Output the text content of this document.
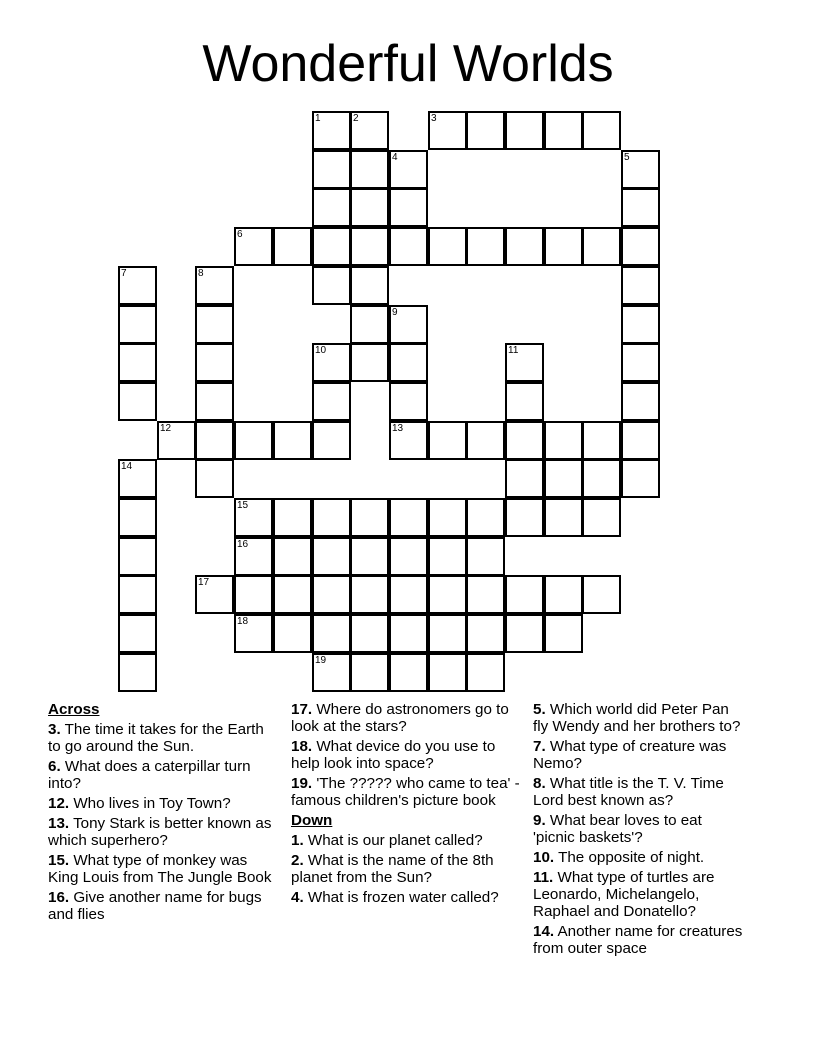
Wonderful Worlds
1	2	3
4	5
6
7	8
9
10	11
12	13
14
15
16
17
18
19
Across
3. The time it takes for the Earth to go around the Sun.
6. What does a caterpillar turn into?
12. Who lives in Toy Town?
13. Tony Stark is better known as which superhero?
15. What type of monkey was King Louis from The Jungle Book
16. Give another name for bugs and flies
17. Where do astronomers go to look at the stars?
18. What device do you use to help look into space?
19. 'The ????? who came to tea' - famous children's picture book
Down
1. What is our planet called?
2. What is the name of the 8th planet from the Sun?
4. What is frozen water called?
5. Which world did Peter Pan fly Wendy and her brothers to?
7. What type of creature was Nemo?
8. What title is the T. V. Time Lord best known as?
9. What bear loves to eat 'picnic baskets'?
10. The opposite of night.
11. What type of turtles are Leonardo, Michelangelo, Raphael and Donatello?
14. Another name for creatures from outer space
